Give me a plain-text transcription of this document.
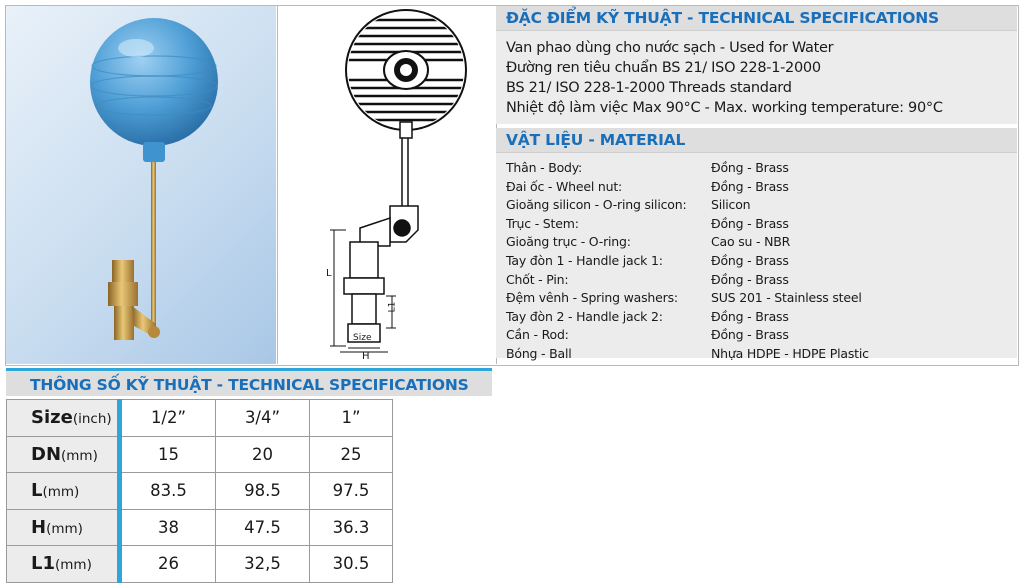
L
L1
Size
H
ĐẶC ĐIỂM KỸ THUẬT - TECHNICAL SPECIFICATIONS
Van phao dùng cho nước sạch - Used for Water
Đường ren tiêu chuẩn BS 21/ ISO 228-1-2000
BS 21/ ISO 228-1-2000 Threads standard
Nhiệt độ làm việc Max 90°C - Max. working temperature: 90°C
VẬT LIỆU - MATERIAL
Thân - Body:	Đồng - Brass
Đai ốc - Wheel nut:	Đồng - Brass
Gioăng silicon - O-ring silicon: Silicon
Trục - Stem:	Đồng - Brass
Gioăng trục - O-ring:	Cao su - NBR
Tay đòn 1 - Handle jack 1:	Đồng - Brass
Chốt - Pin:	Đồng - Brass
Đệm vênh - Spring washers:	SUS 201 - Stainless steel
Tay đòn 2 - Handle jack 2:	Đồng - Brass
Cần - Rod:	Đồng - Brass
Bóng - Ball	Nhựa HDPE - HDPE Plastic
THÔNG SỐ KỸ THUẬT - TECHNICAL SPECIFICATIONS
Size(inch)	1/2”	3/4”	1”
DN(mm)	15	20	25
L(mm)	83.5	98.5	97.5
H(mm)	38	47.5	36.3
L1(mm)	26	32,5	30.5
